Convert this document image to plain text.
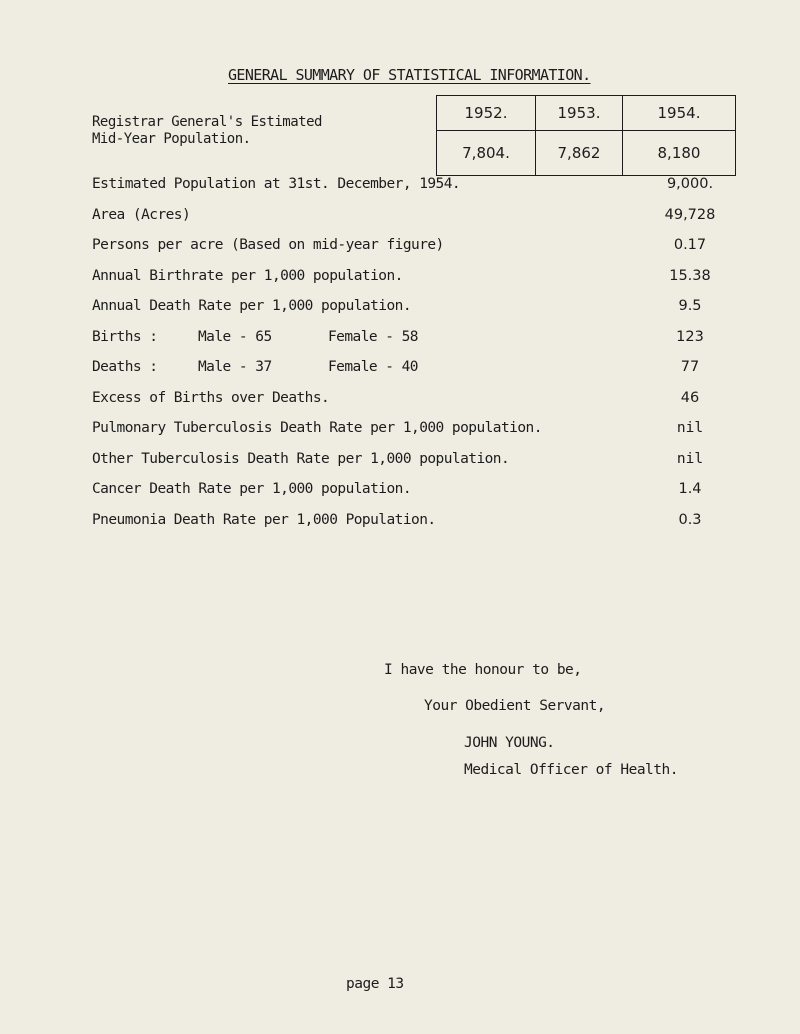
GENERAL SUMMARY OF STATISTICAL INFORMATION.
Registrar General's Estimated
Mid-Year Population.
1952.	1953.	1954.
7,804.	7,862	8,180
Estimated Population at 31st. December, 1954.	9,000.
Area (Acres)	49,728
Persons per acre (Based on mid-year figure)	0.17
Annual Birthrate per 1,000 population.	15.38
Annual Death Rate per 1,000 population.	9.5
Births :	Male - 65	Female - 58	123
Deaths :	Male - 37	Female - 40	77
Excess of Births over Deaths.	46
Pulmonary Tuberculosis Death Rate per 1,000 population.	nil
Other Tuberculosis Death Rate per 1,000 population.	nil
Cancer Death Rate per 1,000 population.	1.4
Pneumonia Death Rate per 1,000 Population.	0.3
I have the honour to be,
Your Obedient Servant,
JOHN YOUNG.
Medical Officer of Health.
page 13
